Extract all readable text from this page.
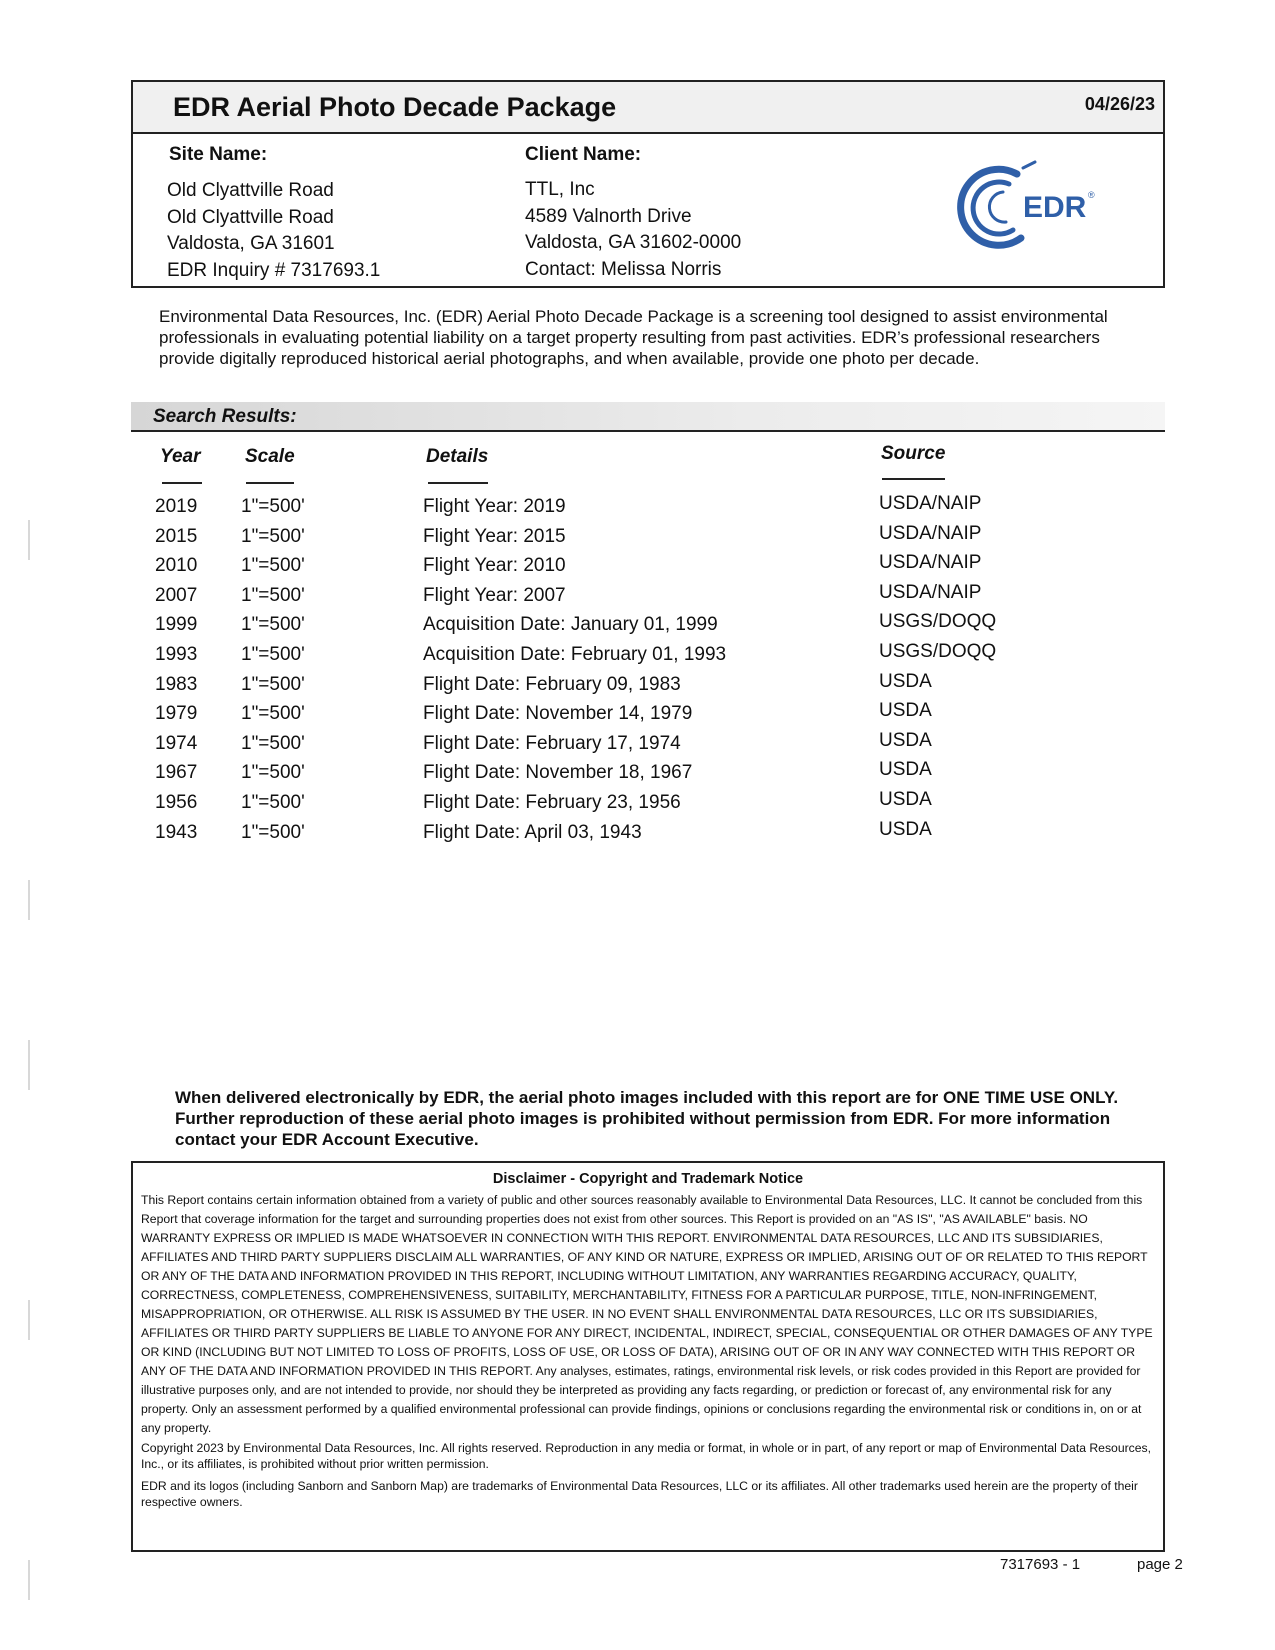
EDR Aerial Photo Decade Package	04/26/23
Site Name:	Client Name:
Old Clyattville Road
Old Clyattville Road
Valdosta, GA 31601
EDR Inquiry # 7317693.1
TTL, Inc
4589 Valnorth Drive
Valdosta, GA 31602-0000
Contact: Melissa Norris
EDR ®
Environmental Data Resources, Inc. (EDR) Aerial Photo Decade Package is a screening tool designed to assist environmental professionals in evaluating potential liability on a target property resulting from past activities. EDR’s professional researchers provide digitally reproduced historical aerial photographs, and when available, provide one photo per decade.
Search Results:
Year Scale	Details	Source
2019 1"=500'	Flight Year: 2019	USDA/NAIP
2015 1"=500'	Flight Year: 2015	USDA/NAIP
2010 1"=500'	Flight Year: 2010	USDA/NAIP
2007 1"=500'	Flight Year: 2007	USDA/NAIP
1999 1"=500'	Acquisition Date: January 01, 1999	USGS/DOQQ
1993 1"=500'	Acquisition Date: February 01, 1993	USGS/DOQQ
1983 1"=500'	Flight Date: February 09, 1983	USDA
1979 1"=500'	Flight Date: November 14, 1979	USDA
1974 1"=500'	Flight Date: February 17, 1974	USDA
1967 1"=500'	Flight Date: November 18, 1967	USDA
1956 1"=500'	Flight Date: February 23, 1956	USDA
1943 1"=500'	Flight Date: April 03, 1943	USDA
When delivered electronically by EDR, the aerial photo images included with this report are for ONE TIME USE ONLY. Further reproduction of these aerial photo images is prohibited without permission from EDR. For more information contact your EDR Account Executive.
Disclaimer - Copyright and Trademark Notice

This Report contains certain information obtained from a variety of public and other sources reasonably available to Environmental Data Resources, LLC. It cannot be concluded from this Report that coverage information for the target and surrounding properties does not exist from other sources. This Report is provided on an "AS IS", "AS AVAILABLE" basis. NO WARRANTY EXPRESS OR IMPLIED IS MADE WHATSOEVER IN CONNECTION WITH THIS REPORT. ENVIRONMENTAL DATA RESOURCES, LLC AND ITS SUBSIDIARIES, AFFILIATES AND THIRD PARTY SUPPLIERS DISCLAIM ALL WARRANTIES, OF ANY KIND OR NATURE, EXPRESS OR IMPLIED, ARISING OUT OF OR RELATED TO THIS REPORT OR ANY OF THE DATA AND INFORMATION PROVIDED IN THIS REPORT, INCLUDING WITHOUT LIMITATION, ANY WARRANTIES REGARDING ACCURACY, QUALITY, CORRECTNESS, COMPLETENESS, COMPREHENSIVENESS, SUITABILITY, MERCHANTABILITY, FITNESS FOR A PARTICULAR PURPOSE, TITLE, NON-INFRINGEMENT, MISAPPROPRIATION, OR OTHERWISE. ALL RISK IS ASSUMED BY THE USER. IN NO EVENT SHALL ENVIRONMENTAL DATA RESOURCES, LLC OR ITS SUBSIDIARIES, AFFILIATES OR THIRD PARTY SUPPLIERS BE LIABLE TO ANYONE FOR ANY DIRECT, INCIDENTAL, INDIRECT, SPECIAL, CONSEQUENTIAL OR OTHER DAMAGES OF ANY TYPE OR KIND (INCLUDING BUT NOT LIMITED TO LOSS OF PROFITS, LOSS OF USE, OR LOSS OF DATA), ARISING OUT OF OR IN ANY WAY CONNECTED WITH THIS REPORT OR ANY OF THE DATA AND INFORMATION PROVIDED IN THIS REPORT. Any analyses, estimates, ratings, environmental risk levels, or risk codes provided in this Report are provided for illustrative purposes only, and are not intended to provide, nor should they be interpreted as providing any facts regarding, or prediction or forecast of, any environmental risk for any property. Only an assessment performed by a qualified environmental professional can provide findings, opinions or conclusions regarding the environmental risk or conditions in, on or at any property.

Copyright 2023 by Environmental Data Resources, Inc. All rights reserved. Reproduction in any media or format, in whole or in part, of any report or map of Environmental Data Resources, Inc., or its affiliates, is prohibited without prior written permission.

EDR and its logos (including Sanborn and Sanborn Map) are trademarks of Environmental Data Resources, LLC or its affiliates. All other trademarks used herein are the property of their respective owners.

7317693 - 1	page 2
